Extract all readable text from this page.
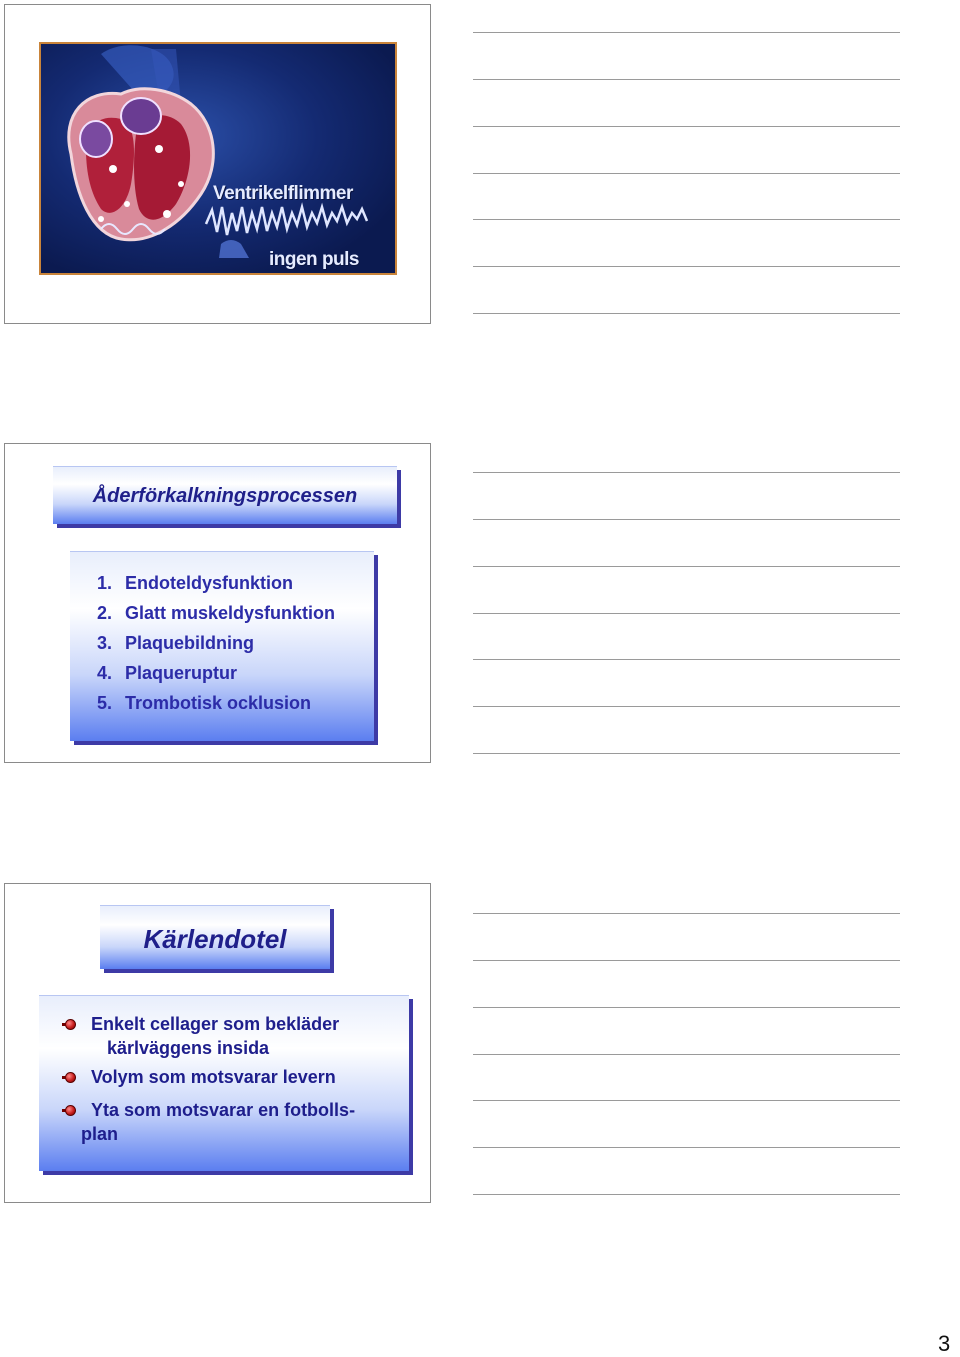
Ventrikelflimmer
ingen puls
Åderförkalkningsprocessen
1. Endoteldysfunktion
2. Glatt muskeldysfunktion
3. Plaquebildning
4. Plaqueruptur
5. Trombotisk ocklusion
Kärlendotel
Enkelt cellager som bekläder
kärlväggens insida
Volym som motsvarar levern
Yta som motsvarar en fotbolls-
plan
3
